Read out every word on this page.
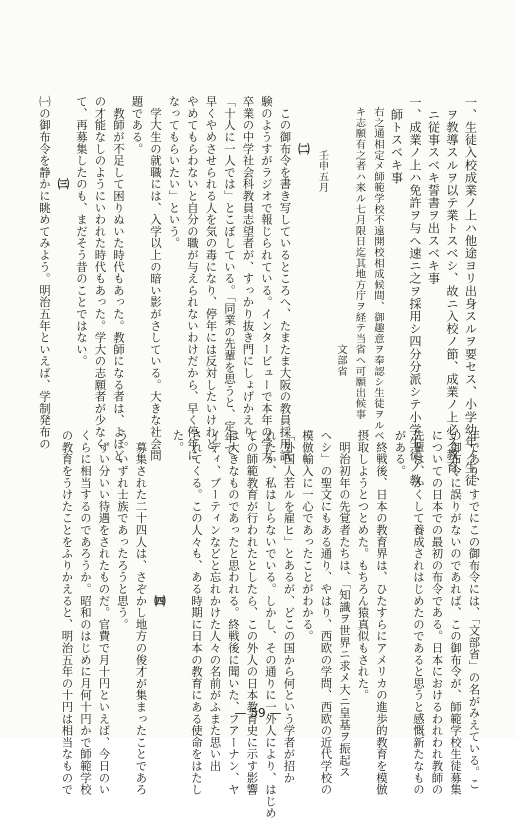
一、生徒入校成業ノ上ハ他途ヨリ出身スルヲ要セス、小学幼年ノ生徒
　ヲ教導スルヲ以テ業トスベシ、故ニ入校ノ節、成業ノ上必ス教育
　ニ従事スベキ誓書ヲ出スベキ事
一、成業ノ上ハ免許ヲ与ヘ速ニ之ヲ採用シ四分分派シテ小学生徒ノ教
　師トスベキ事
　右之通相定メ師範学校不遠開校相成候間、御趣意ヲ奉認シ生徒ヲルベ
　キ志願有之者ハ来ル七月限日迄其地方庁ヲ経テ当省ヘ可願出候事
　　　　　　　　　　　　　　　　　　　　　　　文部省
　　　　　壬申五月
　　　　㈡
　この御布令を書き写しているところへ、たまたま大阪の教員採用試
験のようすがラジオで報じられている。インタービューで本年の学大
卒業の中学社会科教員志望者が、すっかり抜き門にしょげかえり、
「十人に一人では」とこぼしている。「同業の先輩を思うと、定年で
早くやめさせられる人を気の毒になり、停年には反対したいけれど、
やめてもらわないと自分の職が与えられないわけだから、早く停年に
なってもらいたい」という。
　学大生の就職には、入学以上の暗い影がさしている。大きな社会問
題である。
　教師が不足して困りぬいた時代もあった。教師になる者は、よほど
の才能なしのようにいわれた時代もあった。学大の志願者が少なく
て、再募集したのも、まだそう昔のことではない。
　　　　　　　㈢
㈠の御布令を静かに眺めてみよう。明治五年といえば、学制発布の

年であり、すでにこの御布令には、「文部省」の名がみえている。こ
の御布令に誤りがないのであれば、この御布令が、師範学校生徒募集
についての日本での最初の布令である。日本におけるわれわれ教師の
先輩は、かくして養成されはじめたのであると思うと感慨新たなもの
がある。
　終戦後、日本の教育界は、ひたすらにアメリカの進歩的教育を模倣
摂取しようとつとめた。もちろん猿真似もされた。
　明治初年の先覚者たちは、「知識ヲ世界ニ求メ大ニ皇基ヲ振起ス
ヘシ」の聖文にもある通り、やはり、西欧の学問、西欧の近代学校の
模倣輸入に一心であったことがわかる。
「外国人若ルを雇ヒ」とあるが、どこの国から何という学者が招か
れたか、私はしらないでいる。しかし、その通りに一外人により、はじめ
ての師範教育が行われたとしたら、この外人の日本教育史に示す影響
は大きなものであったと思われる。終戦後に聞いた、フアーナン、ヤ
イディ、ブーティンなどと忘れかけた人々の名前がふまた思い出
されてくる。この人々も、ある時期に日本の教育にある使命をはたし
た。
　　　　　　　　　　　　　　㈣
　募集された二十四人は、さぞかし地方の俊才が集まったことであろ
う。いずれ士族であったろうと思う。
　ずい分いい待遇をされたものだ。官費で月十円といえば、今日のい
くらに相当するのであろうか。昭和のはじめに月何十円かで師範学校
の教育をうけたことをふりかえると、明治五年の十円は相当なもので
	— 59 —
